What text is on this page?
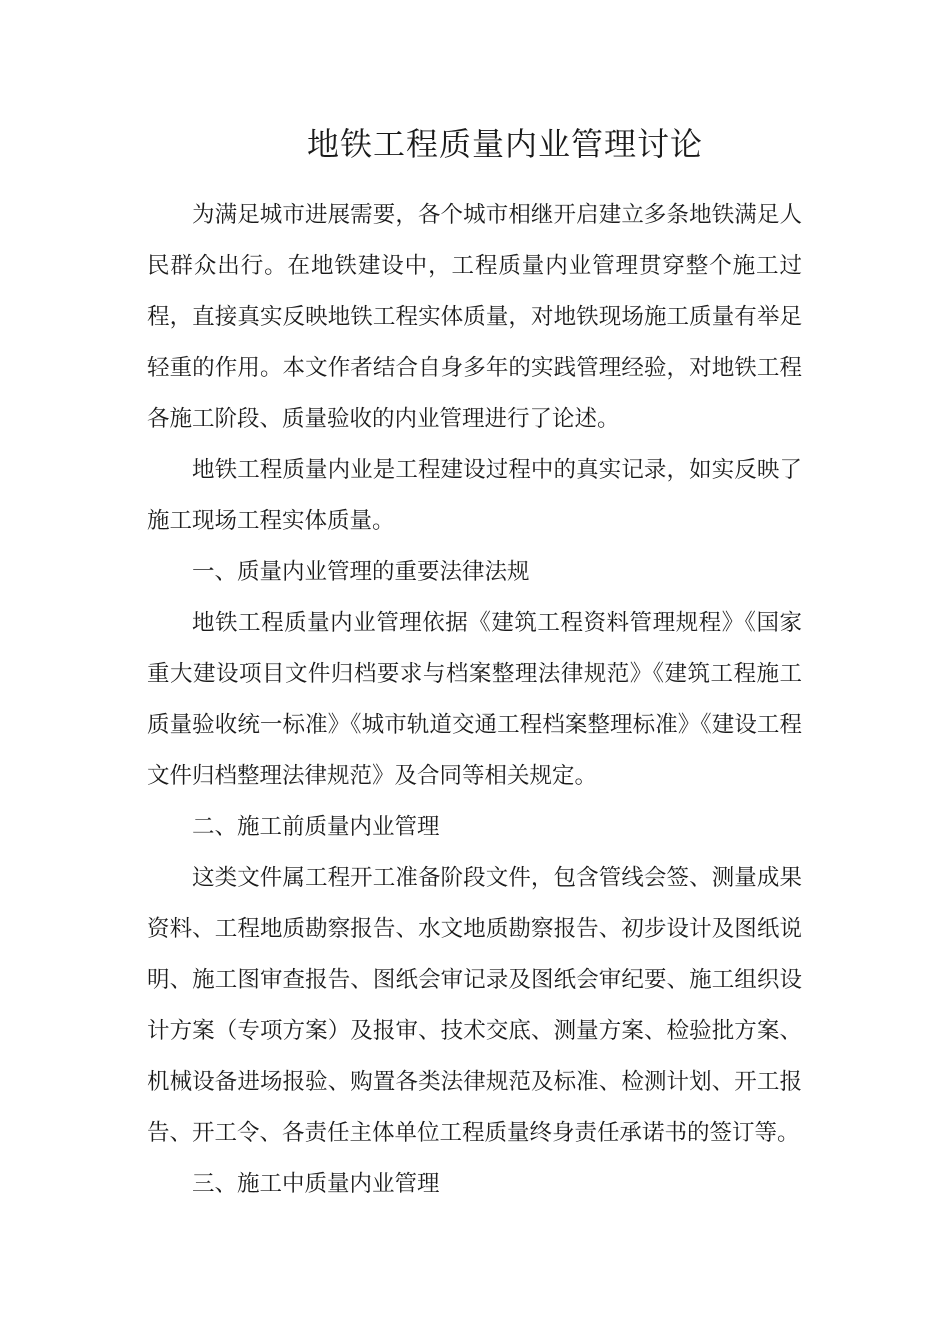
地铁工程质量内业管理讨论

为满足城市进展需要，各个城市相继开启建立多条地铁满足人民群众出行。在地铁建设中，工程质量内业管理贯穿整个施工过程，直接真实反映地铁工程实体质量，对地铁现场施工质量有举足轻重的作用。本文作者结合自身多年的实践管理经验，对地铁工程各施工阶段、质量验收的内业管理进行了论述。

地铁工程质量内业是工程建设过程中的真实记录，如实反映了施工现场工程实体质量。

一、质量内业管理的重要法律法规

地铁工程质量内业管理依据《建筑工程资料管理规程》《国家重大建设项目文件归档要求与档案整理法律规范》《建筑工程施工质量验收统一标准》《城市轨道交通工程档案整理标准》《建设工程文件归档整理法律规范》及合同等相关规定。

二、施工前质量内业管理

这类文件属工程开工准备阶段文件，包含管线会签、测量成果资料、工程地质勘察报告、水文地质勘察报告、初步设计及图纸说明、施工图审查报告、图纸会审记录及图纸会审纪要、施工组织设计方案（专项方案）及报审、技术交底、测量方案、检验批方案、机械设备进场报验、购置各类法律规范及标准、检测计划、开工报告、开工令、各责任主体单位工程质量终身责任承诺书的签订等。

三、施工中质量内业管理
